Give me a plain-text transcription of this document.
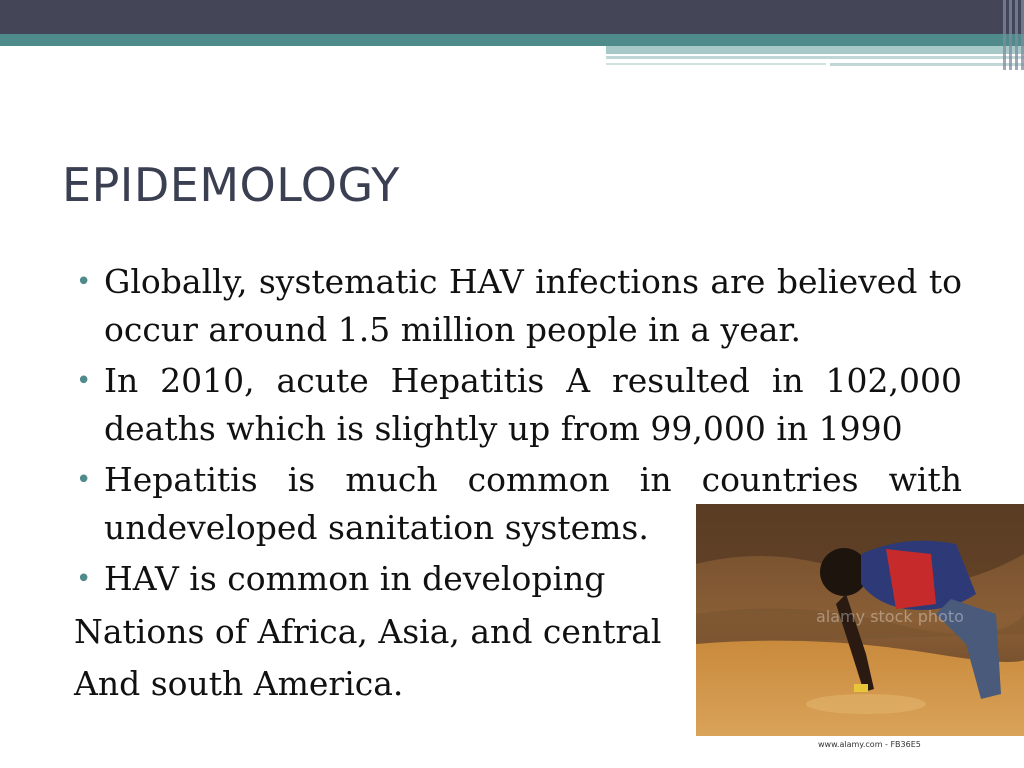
EPIDEMOLOGY
• Globally, systematic HAV infections are believed to occur around 1.5 million people in a year.
• In 2010, acute Hepatitis A resulted in 102,000 deaths which is slightly up from 99,000 in 1990
• Hepatitis is much common in countries with undeveloped sanitation systems.
• HAV is common in developing
Nations of Africa, Asia, and central
And south America.
alamy stock photo
www.alamy.com - FB36E5
